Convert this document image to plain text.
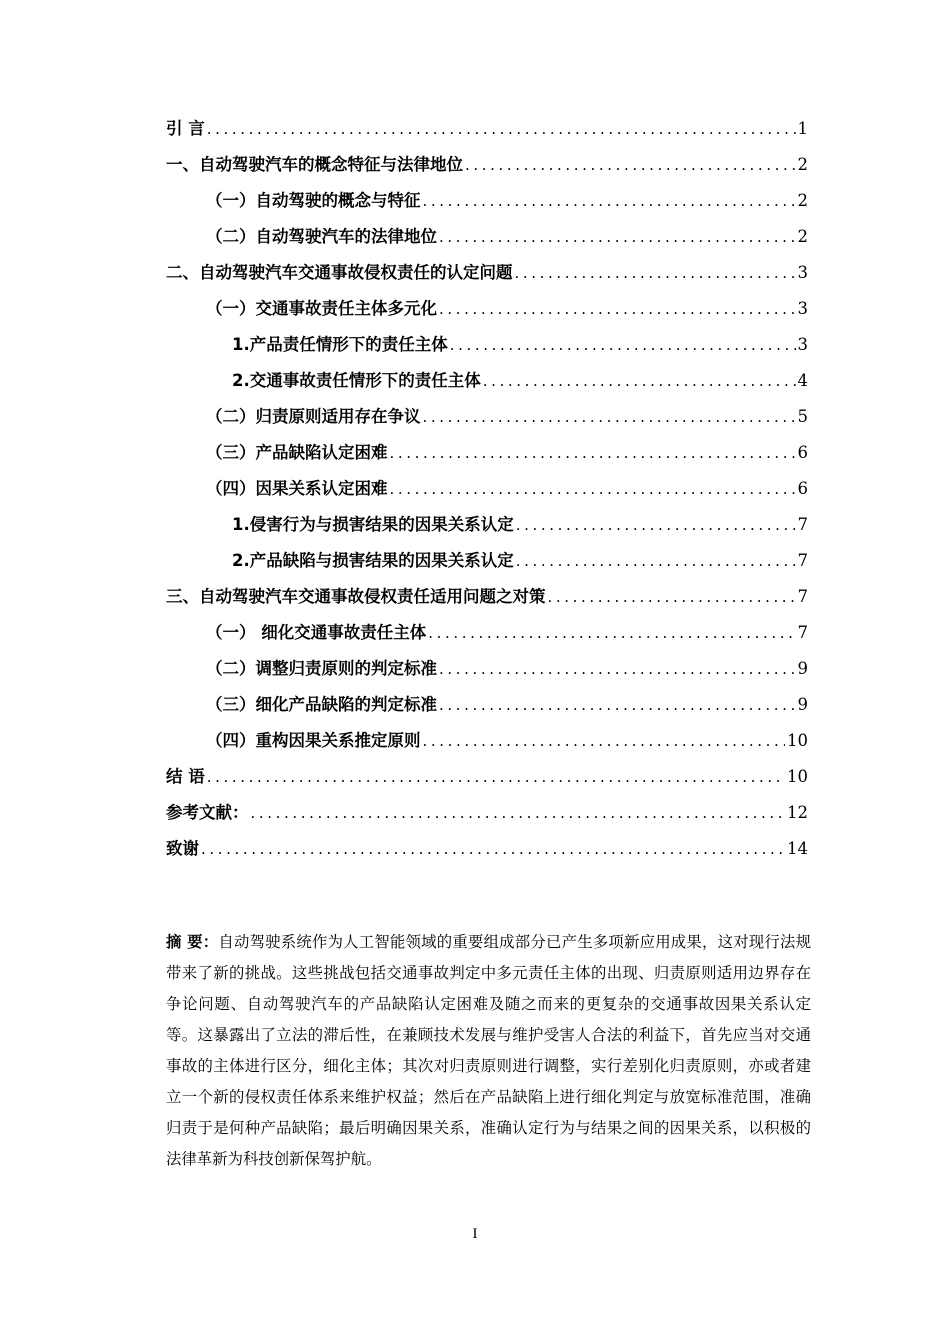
引 言 .....	1
一、自动驾驶汽车的概念特征与法律地位 .....	2
（一）自动驾驶的概念与特征 .....	2
（二）自动驾驶汽车的法律地位 .....	2
二、自动驾驶汽车交通事故侵权责任的认定问题 .....	3
（一）交通事故责任主体多元化 .....	3
1.产品责任情形下的责任主体 .....	3
2.交通事故责任情形下的责任主体 .....	4
（二）归责原则适用存在争议 .....	5
（三）产品缺陷认定困难 .....	6
（四）因果关系认定困难 .....	6
1.侵害行为与损害结果的因果关系认定 .....	7
2.产品缺陷与损害结果的因果关系认定 .....	7
三、自动驾驶汽车交通事故侵权责任适用问题之对策 .....	7
（一） 细化交通事故责任主体 .....	7
（二）调整归责原则的判定标准 .....	9
（三）细化产品缺陷的判定标准 .....	9
（四）重构因果关系推定原则 .....	10
结 语 .....	10
参考文献： .....	12
致谢 .....	14
摘 要：自动驾驶系统作为人工智能领域的重要组成部分已产生多项新应用成果，这对现行法规带来了新的挑战。这些挑战包括交通事故判定中多元责任主体的出现、归责原则适用边界存在争论问题、自动驾驶汽车的产品缺陷认定困难及随之而来的更复杂的交通事故因果关系认定等。这暴露出了立法的滞后性，在兼顾技术发展与维护受害人合法的利益下，首先应当对交通事故的主体进行区分，细化主体；其次对归责原则进行调整，实行差别化归责原则，亦或者建立一个新的侵权责任体系来维护权益；然后在产品缺陷上进行细化判定与放宽标准范围，准确归责于是何种产品缺陷；最后明确因果关系，准确认定行为与结果之间的因果关系，以积极的法律革新为科技创新保驾护航。
I
